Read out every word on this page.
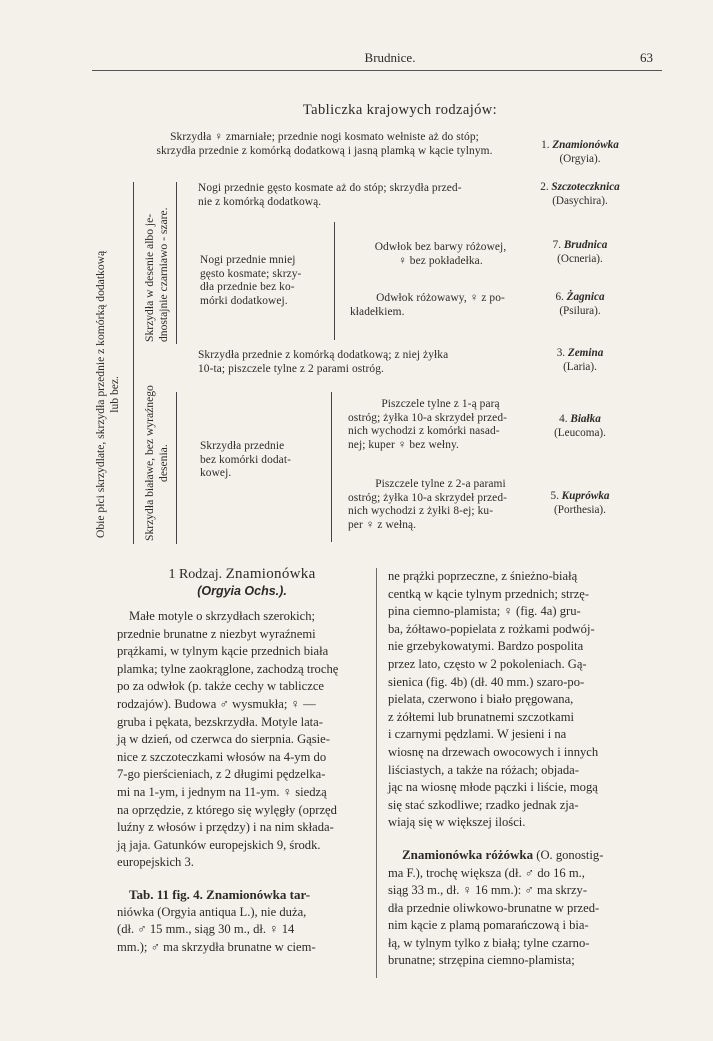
Brudnice.	63
Tabliczka krajowych rodzajów:
Skrzydła ♀ zmarniałe; przednie nogi kosmato wełniste aż do stóp;
skrzydła przednie z komórką dodatkową i jasną plamką w kącie tylnym.	1. Znamionówka
(Orgyia).
Obie płci skrzydlate, skrzydła przednie z komórką dodatkową lub bez.
Skrzydła w desenie albo je- dnostajnie czarniawo - szare.
Skrzydła białawe, bez wyraźnego desenia.
Nogi przednie gęsto kosmate aż do stóp; skrzydła przed-
nie z komórką dodatkową.
2. Szczoteczknica
(Dasychira).
Nogi przednie mniej
gęsto kosmate; skrzy-
dła przednie bez ko-
mórki dodatkowej.
Odwłok bez barwy różowej,
♀ bez pokładełka.
7. Brudnica
(Ocneria).
Odwłok różowawy, ♀ z po-
kładełkiem.
6. Żagnica
(Psilura).
Skrzydła przednie z komórką dodatkową; z niej żyłka
10-ta; piszczele tylne z 2 parami ostróg.
3. Zemina
(Laria).
Skrzydła przednie
bez komórki dodat-
kowej.
Piszczele tylne z 1-ą parą
ostróg; żyłka 10-a skrzydeł przed-
nich wychodzi z komórki nasad-
nej; kuper ♀ bez wełny.
4. Białka
(Leucoma).
Piszczele tylne z 2-a parami
ostróg; żyłka 10-a skrzydeł przed-
nich wychodzi z żyłki 8-ej; ku-
per ♀ z wełną.
5. Kuprówka
(Porthesia).
1 Rodzaj. Znamionówka
(Orgyia Ochs.).
Małe motyle o skrzydłach szerokich;
przednie brunatne z niezbyt wyraźnemi
prążkami, w tylnym kącie przednich biała
plamka; tylne zaokrąglone, zachodzą trochę
po za odwłok (p. także cechy w tabliczce
rodzajów). Budowa ♂ wysmukła; ♀ —
gruba i pękata, bezskrzydła. Motyle lata-
ją w dzień, od czerwca do sierpnia. Gąsie-
nice z szczoteczkami włosów na 4-ym do
7-go pierścieniach, z 2 długimi pędzelka-
mi na 1-ym, i jednym na 11-ym. ♀ siedzą
na oprzędzie, z którego się wylęgły (oprzęd
luźny z włosów i przędzy) i na nim składa-
ją jaja. Gatunków europejskich 9, środk.
europejskich 3.
Tab. 11 fig. 4. Znamionówka tar-
niówka (Orgyia antiqua L.), nie duża,
(dł. ♂ 15 mm., siąg 30 m., dł. ♀ 14
mm.); ♂ ma skrzydła brunatne w ciem-
ne prążki poprzeczne, z śnieżno-białą
centką w kącie tylnym przednich; strzę-
pina ciemno-plamista; ♀ (fig. 4a) gru-
ba, żółtawo-popielata z rożkami podwój-
nie grzebykowatymi. Bardzo pospolita
przez lato, często w 2 pokoleniach. Gą-
sienica (fig. 4b) (dł. 40 mm.) szaro-po-
pielata, czerwono i biało pręgowana,
z żółtemi lub brunatnemi szczotkami
i czarnymi pędzlami. W jesieni i na
wiosnę na drzewach owocowych i innych
liściastych, a także na różach; objada-
jąc na wiosnę młode pączki i liście, mogą
się stać szkodliwe; rzadko jednak zja-
wiają się w większej ilości.
Znamionówka różówka (O. gonostig-
ma F.), trochę większa (dł. ♂ do 16 m.,
siąg 33 m., dł. ♀ 16 mm.): ♂ ma skrzy-
dła przednie oliwkowo-brunatne w przed-
nim kącie z plamą pomarańczową i bia-
łą, w tylnym tylko z białą; tylne czarno-
brunatne; strzępina ciemno-plamista;
